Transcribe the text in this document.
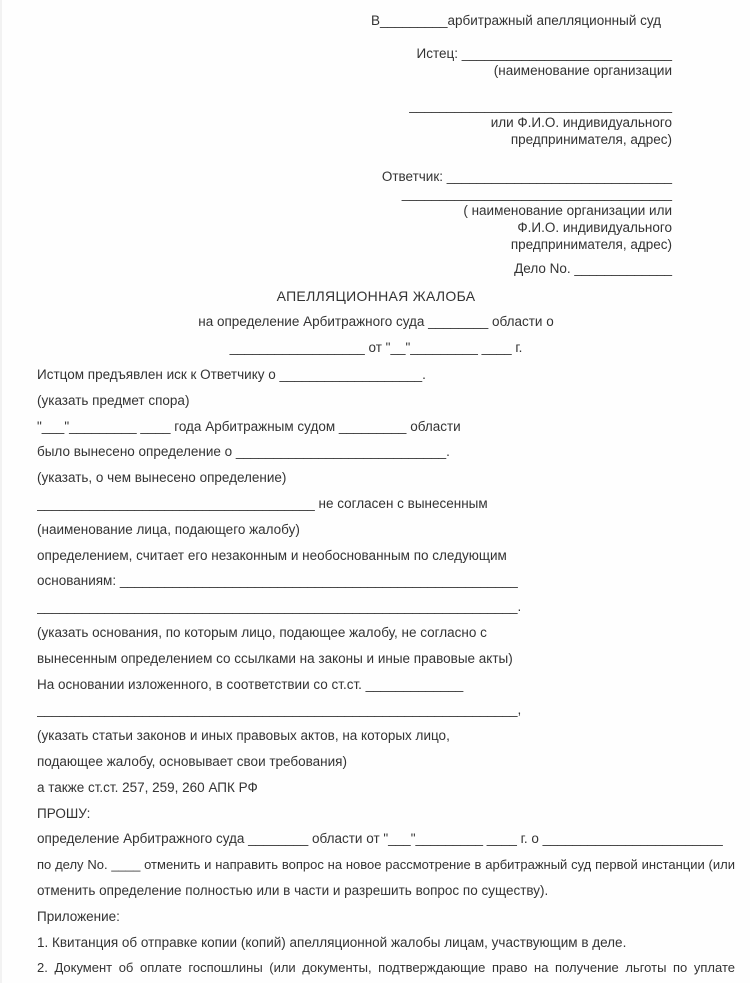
В_________арбитражный апелляционный суд
Истец: ____________________________
(наименование организации
___________________________________
или Ф.И.О. индивидуального
предпринимателя, адрес)
Ответчик: ______________________________
____________________________________
( наименование организации или
Ф.И.О. индивидуального
предпринимателя, адрес)
Дело No. _____________
АПЕЛЛЯЦИОННАЯ ЖАЛОБА
на определение Арбитражного суда ________ области о
__________________ от "__"_________ ____ г.
Истцом предъявлен иск к Ответчику о ___________________.
(указать предмет спора)
"___"_________ ____ года Арбитражным судом _________ области
было вынесено определение о ____________________________.
(указать, о чем вынесено определение)
_____________________________________ не согласен с вынесенным
(наименование лица, подающего жалобу)
определением, считает его незаконным и необоснованным по следующим
основаниям: _____________________________________________________
________________________________________________________________.
(указать основания, по которым лицо, подающее жалобу, не согласно с
вынесенным определением со ссылками на законы и иные правовые акты)
На основании изложенного, в соответствии со ст.ст. _____________
________________________________________________________________,
(указать статьи законов и иных правовых актов, на которых лицо,
подающее жалобу, основывает свои требования)
а также ст.ст. 257, 259, 260 АПК РФ
ПРОШУ:
определение Арбитражного суда ________ области от "___"_________ ____ г. о ________________________
по делу No. ____ отменить и направить вопрос на новое рассмотрение в арбитражный суд первой инстанции (или
отменить определение полностью или в части и разрешить вопрос по существу).
Приложение:
1. Квитанция об отправке копии (копий) апелляционной жалобы лицам, участвующим в деле.
2. Документ об оплате госпошлины (или документы, подтверждающие право на получение льготы по уплате
